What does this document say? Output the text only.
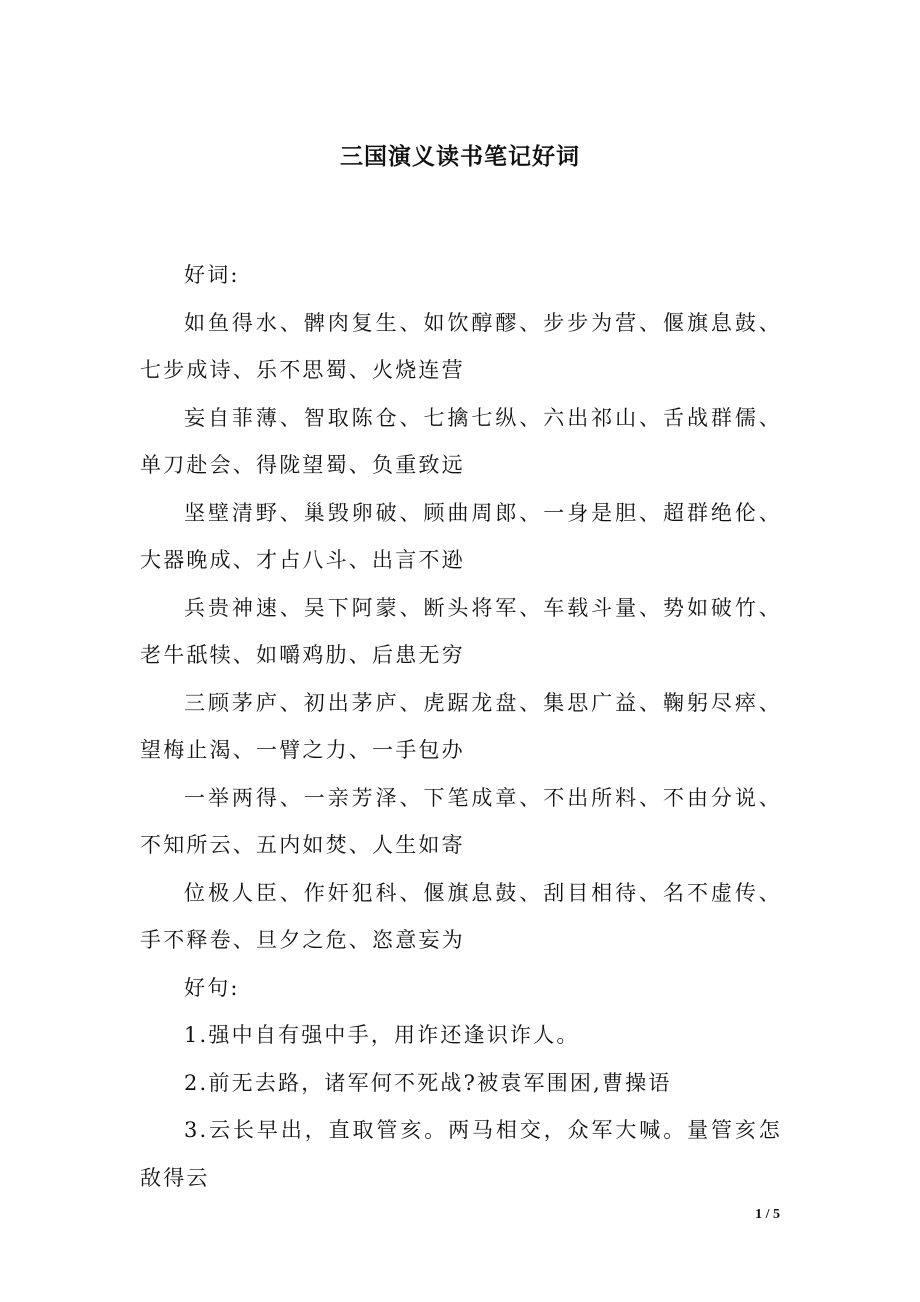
三国演义读书笔记好词

好词:

如鱼得水、髀肉复生、如饮醇醪、步步为营、偃旗息鼓、七步成诗、乐不思蜀、火烧连营

妄自菲薄、智取陈仓、七擒七纵、六出祁山、舌战群儒、单刀赴会、得陇望蜀、负重致远

坚壁清野、巢毁卵破、顾曲周郎、一身是胆、超群绝伦、大器晚成、才占八斗、出言不逊

兵贵神速、吴下阿蒙、断头将军、车载斗量、势如破竹、老牛舐犊、如嚼鸡肋、后患无穷

三顾茅庐、初出茅庐、虎踞龙盘、集思广益、鞠躬尽瘁、望梅止渴、一臂之力、一手包办

一举两得、一亲芳泽、下笔成章、不出所料、不由分说、不知所云、五内如焚、人生如寄

位极人臣、作奸犯科、偃旗息鼓、刮目相待、名不虚传、手不释卷、旦夕之危、恣意妄为

好句:

1.强中自有强中手，用诈还逢识诈人。

2.前无去路，诸军何不死战?被袁军围困,曹操语

3.云长早出，直取管亥。两马相交，众军大喊。量管亥怎敌得云

1 / 5
